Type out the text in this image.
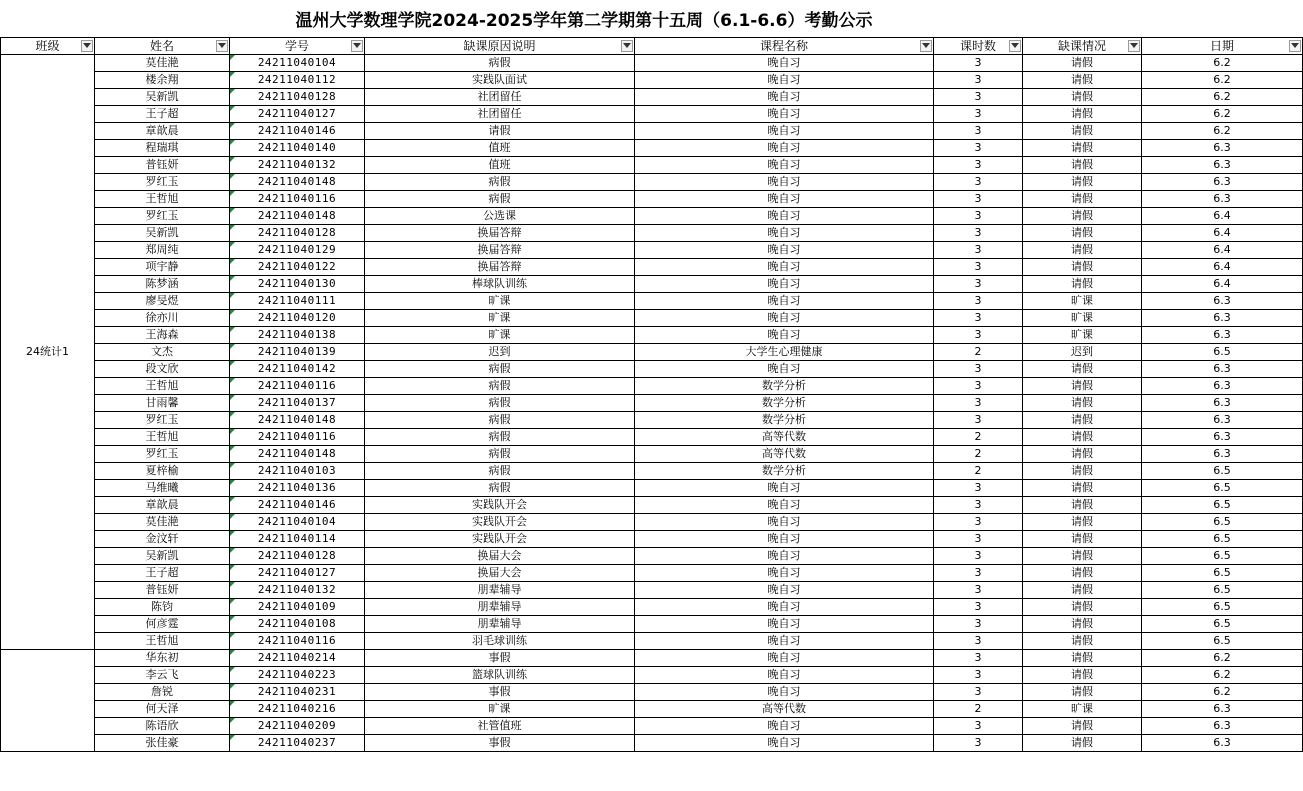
温州大学数理学院2024-2025学年第二学期第十五周（6.1-6.6）考勤公示
班级	姓名	学号	缺课原因说明	课程名称	课时数	缺课情况	日期

24统计1	莫佳滟	24211040104	病假	晚自习	3	请假	6.2
	楼余翔	24211040112	实践队面试	晚自习	3	请假	6.2
	吴新凯	24211040128	社团留任	晚自习	3	请假	6.2
	王子超	24211040127	社团留任	晚自习	3	请假	6.2
	章歆晨	24211040146	请假	晚自习	3	请假	6.2
	程瑞琪	24211040140	值班	晚自习	3	请假	6.3
	普钰妍	24211040132	值班	晚自习	3	请假	6.3
	罗红玉	24211040148	病假	晚自习	3	请假	6.3
	王哲旭	24211040116	病假	晚自习	3	请假	6.3
	罗红玉	24211040148	公选课	晚自习	3	请假	6.4
	吴新凯	24211040128	换届答辩	晚自习	3	请假	6.4
	郑周纯	24211040129	换届答辩	晚自习	3	请假	6.4
	项宇静	24211040122	换届答辩	晚自习	3	请假	6.4
	陈梦涵	24211040130	棒球队训练	晚自习	3	请假	6.4
	廖旻煜	24211040111	旷课	晚自习	3	旷课	6.3
	徐亦川	24211040120	旷课	晚自习	3	旷课	6.3
	王海森	24211040138	旷课	晚自习	3	旷课	6.3
	文杰	24211040139	迟到	大学生心理健康	2	迟到	6.5
	段文欣	24211040142	病假	晚自习	3	请假	6.3
	王哲旭	24211040116	病假	数学分析	3	请假	6.3
	甘雨馨	24211040137	病假	数学分析	3	请假	6.3
	罗红玉	24211040148	病假	数学分析	3	请假	6.3
	王哲旭	24211040116	病假	高等代数	2	请假	6.3
	罗红玉	24211040148	病假	高等代数	2	请假	6.3
	夏梓榆	24211040103	病假	数学分析	2	请假	6.5
	马维曦	24211040136	病假	晚自习	3	请假	6.5
	章歆晨	24211040146	实践队开会	晚自习	3	请假	6.5
	莫佳滟	24211040104	实践队开会	晚自习	3	请假	6.5
	金汶轩	24211040114	实践队开会	晚自习	3	请假	6.5
	吴新凯	24211040128	换届大会	晚自习	3	请假	6.5
	王子超	24211040127	换届大会	晚自习	3	请假	6.5
	普钰妍	24211040132	朋辈辅导	晚自习	3	请假	6.5
	陈钧	24211040109	朋辈辅导	晚自习	3	请假	6.5
	何彦霆	24211040108	朋辈辅导	晚自习	3	请假	6.5
	王哲旭	24211040116	羽毛球训练	晚自习	3	请假	6.5
	华东初	24211040214	事假	晚自习	3	请假	6.2
	李云飞	24211040223	篮球队训练	晚自习	3	请假	6.2
	詹锐	24211040231	事假	晚自习	3	请假	6.2
	何天泽	24211040216	旷课	高等代数	2	旷课	6.3
	陈语欣	24211040209	社管值班	晚自习	3	请假	6.3
	张佳豪	24211040237	事假	晚自习	3	请假	6.3
